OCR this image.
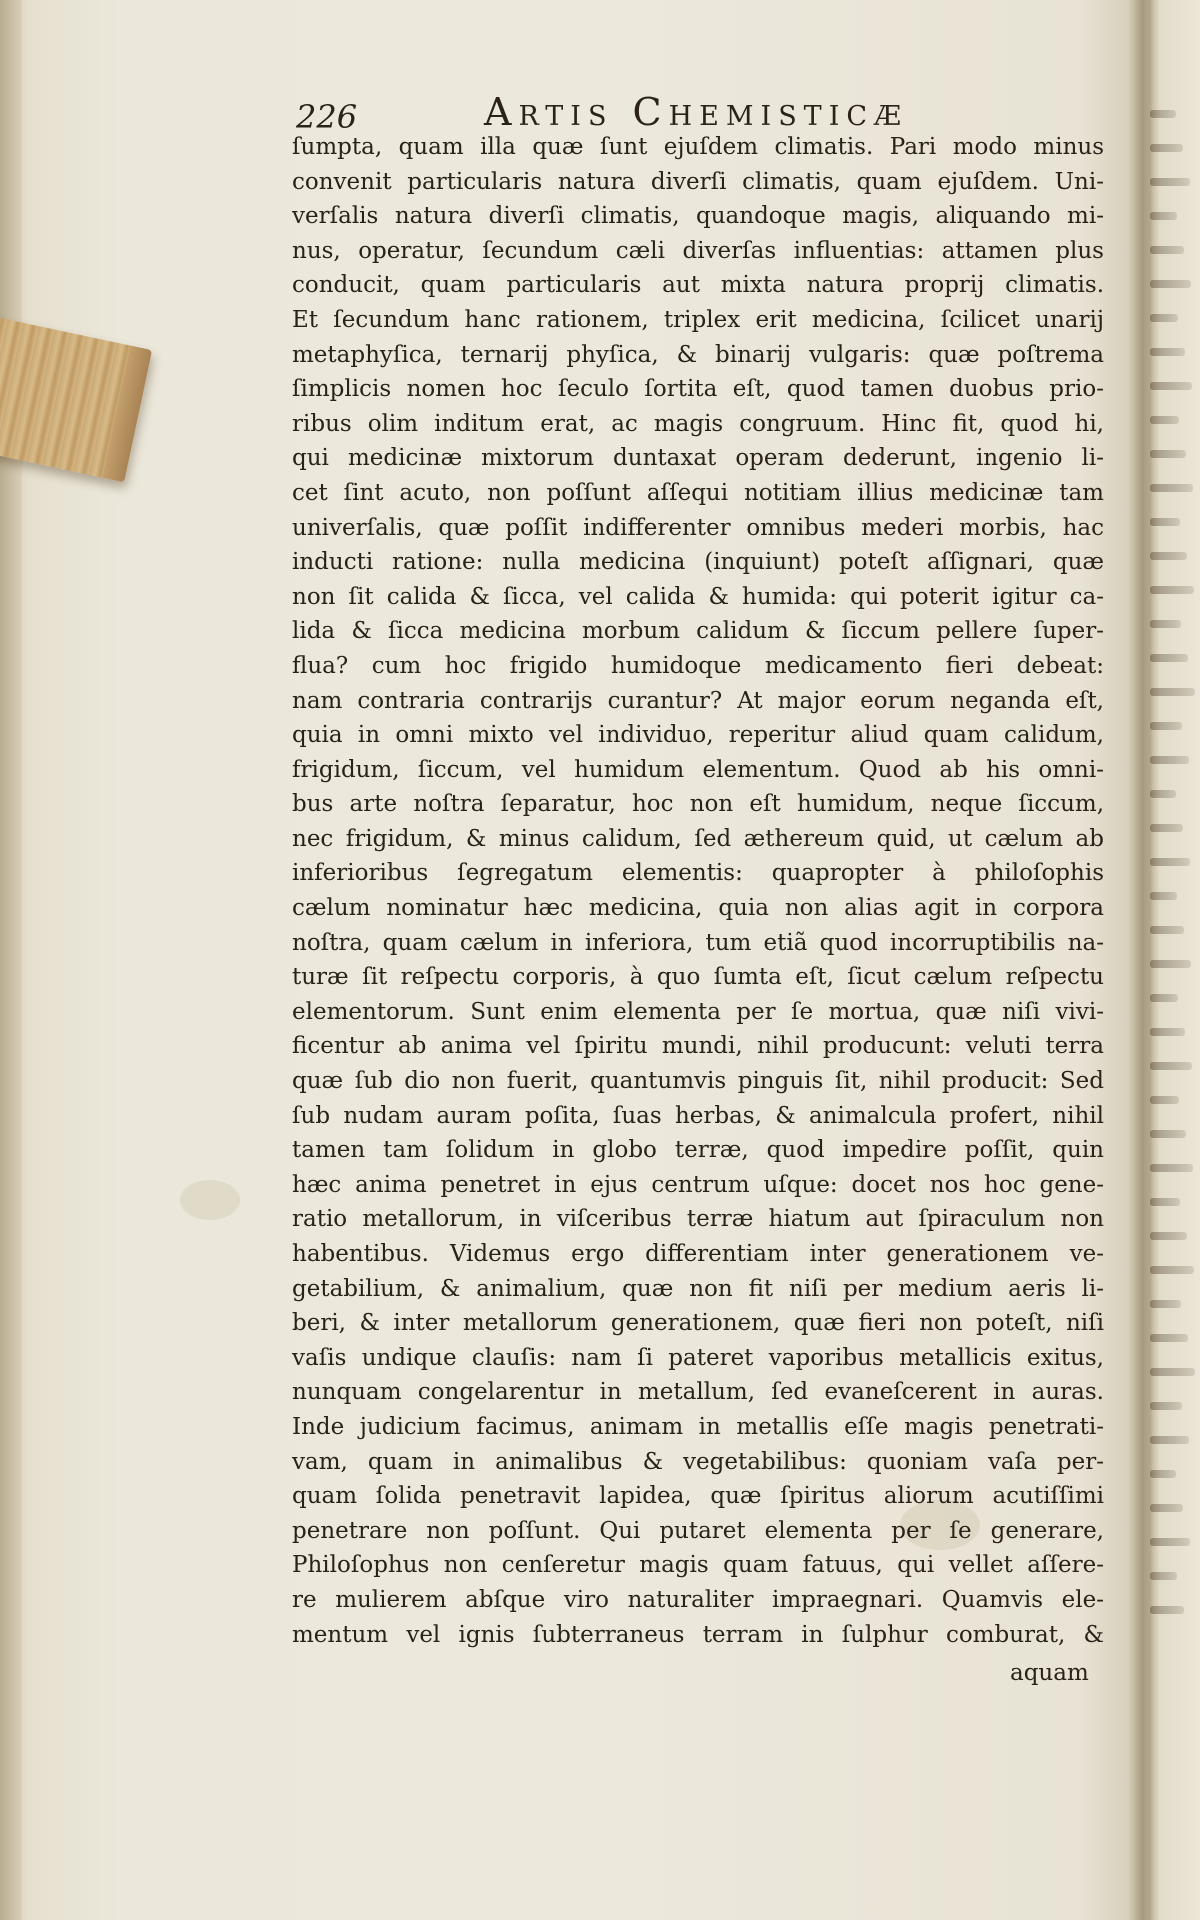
226	Artis Chemisticæ
ſumpta, quam illa quæ ſunt ejuſdem climatis. Pari modo minus
convenit particularis natura diverſi climatis, quam ejuſdem. Uni-
verſalis natura diverſi climatis, quandoque magis, aliquando mi-
nus, operatur, ſecundum cæli diverſas influentias: attamen plus
conducit, quam particularis aut mixta natura proprij climatis.
Et ſecundum hanc rationem, triplex erit medicina, ſcilicet unarij
metaphyſica, ternarij phyſica, & binarij vulgaris: quæ poſtrema
ſimplicis nomen hoc ſeculo ſortita eſt, quod tamen duobus prio-
ribus olim inditum erat, ac magis congruum. Hinc fit, quod hi,
qui medicinæ mixtorum duntaxat operam dederunt, ingenio li-
cet ſint acuto, non poſſunt aſſequi notitiam illius medicinæ tam
univerſalis, quæ poſſit indifferenter omnibus mederi morbis, hac
inducti ratione: nulla medicina (inquiunt) poteſt aſſignari, quæ
non ſit calida & ſicca, vel calida & humida: qui poterit igitur ca-
lida & ſicca medicina morbum calidum & ſiccum pellere ſuper-
flua? cum hoc frigido humidoque medicamento fieri debeat:
nam contraria contrarijs curantur? At major eorum neganda eſt,
quia in omni mixto vel individuo, reperitur aliud quam calidum,
frigidum, ſiccum, vel humidum elementum. Quod ab his omni-
bus arte noſtra ſeparatur, hoc non eſt humidum, neque ſiccum,
nec frigidum, & minus calidum, ſed æthereum quid, ut cælum ab
inferioribus ſegregatum elementis: quapropter à philoſophis
cælum nominatur hæc medicina, quia non alias agit in corpora
noſtra, quam cælum in inferiora, tum etiã quod incorruptibilis na-
turæ ſit reſpectu corporis, à quo ſumta eſt, ſicut cælum reſpectu
elementorum. Sunt enim elementa per ſe mortua, quæ niſi vivi-
ficentur ab anima vel ſpiritu mundi, nihil producunt: veluti terra
quæ ſub dio non fuerit, quantumvis pinguis ſit, nihil producit: Sed
ſub nudam auram poſita, ſuas herbas, & animalcula profert, nihil
tamen tam ſolidum in globo terræ, quod impedire poſſit, quin
hæc anima penetret in ejus centrum uſque: docet nos hoc gene-
ratio metallorum, in viſceribus terræ hiatum aut ſpiraculum non
habentibus. Videmus ergo differentiam inter generationem ve-
getabilium, & animalium, quæ non fit niſi per medium aeris li-
beri, & inter metallorum generationem, quæ fieri non poteſt, niſi
vaſis undique clauſis: nam ſi pateret vaporibus metallicis exitus,
nunquam congelarentur in metallum, ſed evaneſcerent in auras.
Inde judicium facimus, animam in metallis eſſe magis penetrati-
vam, quam in animalibus & vegetabilibus: quoniam vaſa per-
quam ſolida penetravit lapidea, quæ ſpiritus aliorum acutiſſimi
penetrare non poſſunt. Qui putaret elementa per ſe generare,
Philoſophus non cenſeretur magis quam fatuus, qui vellet aſſere-
re mulierem abſque viro naturaliter impraegnari. Quamvis ele-
mentum vel ignis ſubterraneus terram in ſulphur comburat, &
aquam
